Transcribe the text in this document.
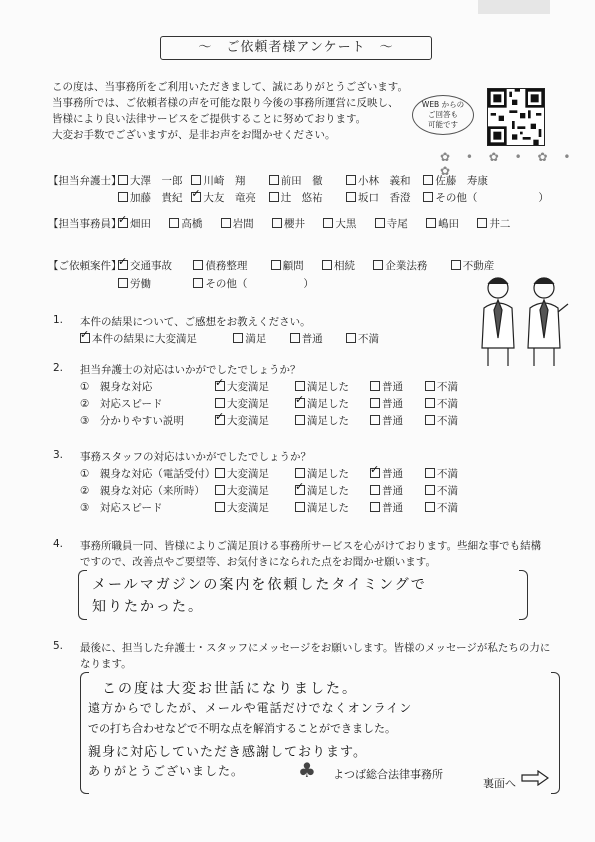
～　ご依頼者様アンケート　～
この度は、当事務所をご利用いただきまして、誠にありがとうございます。
当事務所では、ご依頼者様の声を可能な限り今後の事務所運営に反映し、
皆様により良い法律サービスをご提供することに努めております。
大変お手数でございますが、是非お声をお聞かせください。
WEB からの
ご回答も
可能です
✿ • ✿ • ✿ • ✿
【担当弁護士】 大澤　一郎 川崎　翔	前田　徹	小林　義和 佐藤　寿康
加藤　貴紀 ✓ 大友　竜亮 辻　悠祐	坂口　香澄 その他（	）
【担当事務員】 ✓ 畑田	高橋	岩間	櫻井	大黒	寺尾	嶋田	井二
【ご依頼案件】 ✓ 交通事故	債務整理	顧問	相続	企業法務	不動産
労働	その他（	）
1. 本件の結果について、ご感想をお教えください。
✓本件の結果に大変満足	満足	普通	不満
2. 担当弁護士の対応はいかがでしたでしょうか？
①　親身な対応 ✓	大変満足	満足した	普通	不満
②　対応スピード	大変満足 ✓	満足した	普通	不満
③　分かりやすい説明 ✓	大変満足	満足した	普通	不満
3. 事務スタッフの対応はいかがでしたでしょうか？
①　親身な対応（電話受付）	大変満足	満足した ✓	普通	不満
②　親身な対応（来所時）	大変満足 ✓	満足した	普通	不満
③　対応スピード	大変満足	満足した	普通	不満
4. 事務所職員一同、皆様によりご満足頂ける事務所サービスを心がけております。些細な事でも結構
ですので、改善点やご要望等、お気付きになられた点をお聞かせ願います。
メールマガジンの案内を依頼したタイミングで
知りたかった。
5. 最後に、担当した弁護士・スタッフにメッセージをお願いします。皆様のメッセージが私たちの力に
なります。
この度は大変お世話になりました。
遠方からでしたが、メールや電話だけでなくオンライン
での打ち合わせなどで不明な点を解消することができました。
親身に対応していただき感謝しております。
ありがとうございました。	♣ よつば総合法律事務所
裏面へ
